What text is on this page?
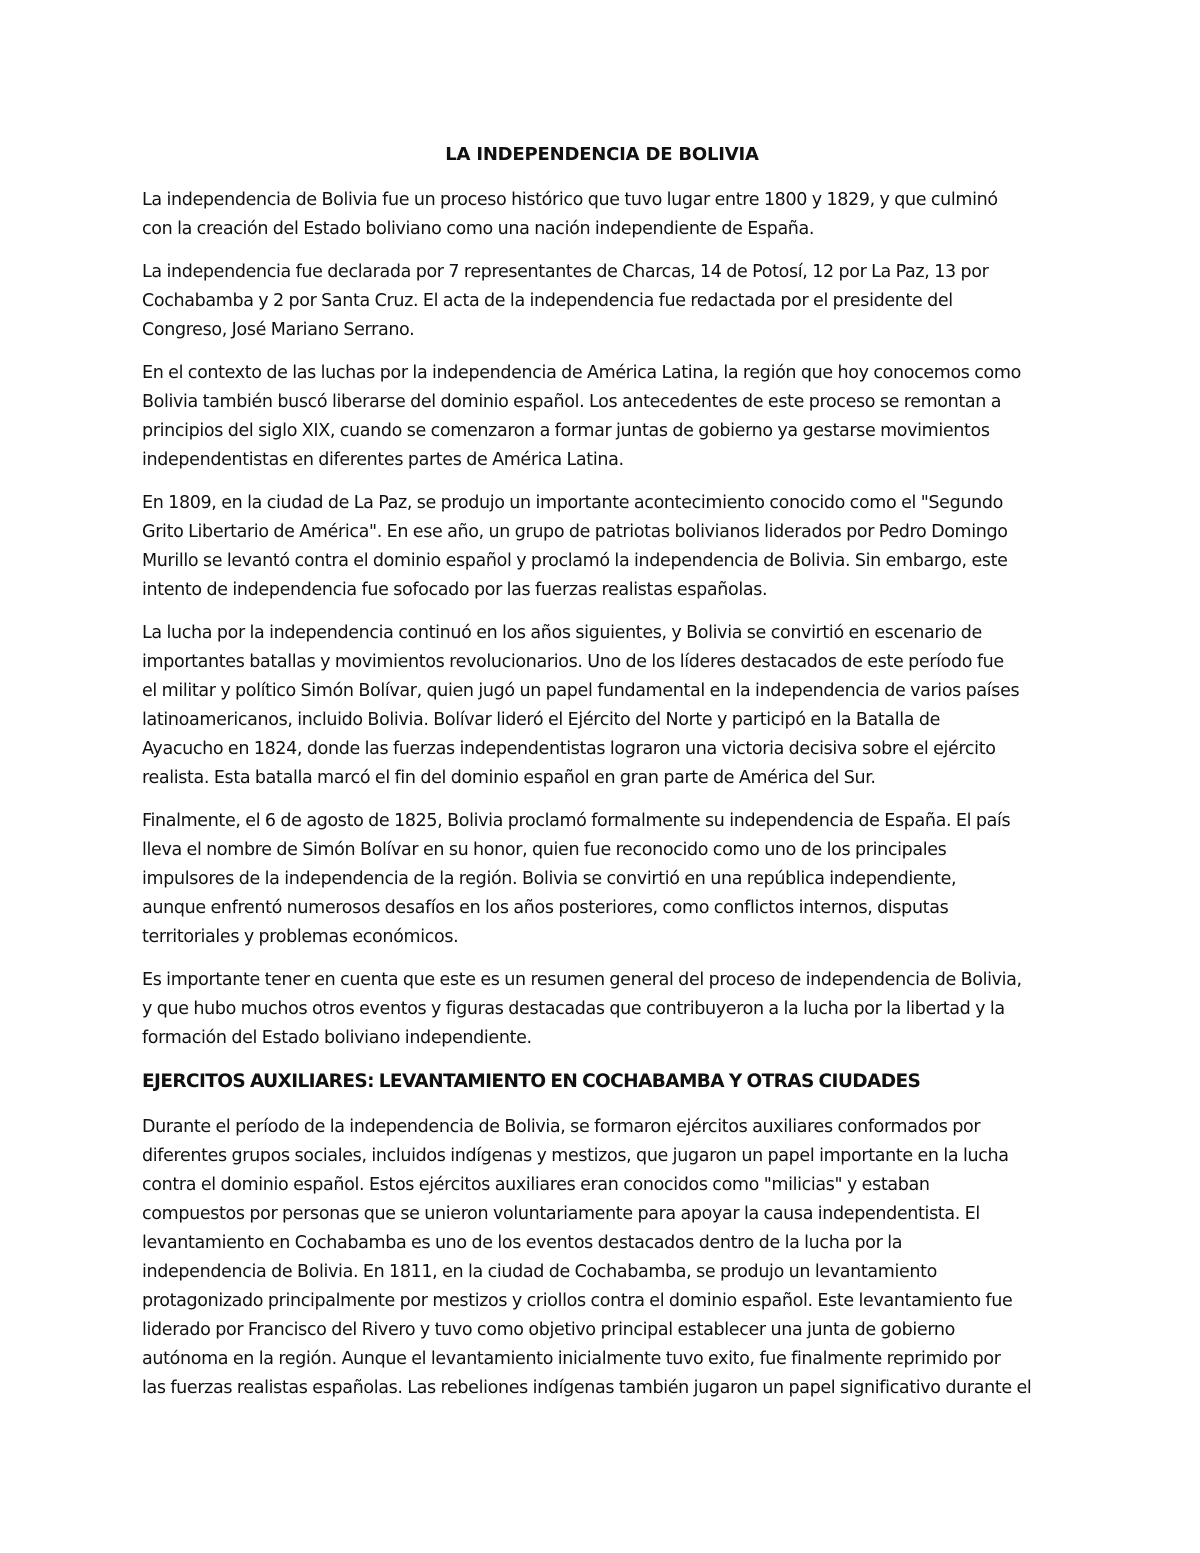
LA INDEPENDENCIA DE BOLIVIA

La independencia de Bolivia fue un proceso histórico que tuvo lugar entre 1800 y 1829, y que culminó
con la creación del Estado boliviano como una nación independiente de España.

La independencia fue declarada por 7 representantes de Charcas, 14 de Potosí, 12 por La Paz, 13 por
Cochabamba y 2 por Santa Cruz. El acta de la independencia fue redactada por el presidente del
Congreso, José Mariano Serrano.

En el contexto de las luchas por la independencia de América Latina, la región que hoy conocemos como
Bolivia también buscó liberarse del dominio español. Los antecedentes de este proceso se remontan a
principios del siglo XIX, cuando se comenzaron a formar juntas de gobierno ya gestarse movimientos
independentistas en diferentes partes de América Latina.

En 1809, en la ciudad de La Paz, se produjo un importante acontecimiento conocido como el "Segundo
Grito Libertario de América". En ese año, un grupo de patriotas bolivianos liderados por Pedro Domingo
Murillo se levantó contra el dominio español y proclamó la independencia de Bolivia. Sin embargo, este
intento de independencia fue sofocado por las fuerzas realistas españolas.

La lucha por la independencia continuó en los años siguientes, y Bolivia se convirtió en escenario de
importantes batallas y movimientos revolucionarios. Uno de los líderes destacados de este período fue
el militar y político Simón Bolívar, quien jugó un papel fundamental en la independencia de varios países
latinoamericanos, incluido Bolivia. Bolívar lideró el Ejército del Norte y participó en la Batalla de
Ayacucho en 1824, donde las fuerzas independentistas lograron una victoria decisiva sobre el ejército
realista. Esta batalla marcó el fin del dominio español en gran parte de América del Sur.

Finalmente, el 6 de agosto de 1825, Bolivia proclamó formalmente su independencia de España. El país
lleva el nombre de Simón Bolívar en su honor, quien fue reconocido como uno de los principales
impulsores de la independencia de la región. Bolivia se convirtió en una república independiente,
aunque enfrentó numerosos desafíos en los años posteriores, como conflictos internos, disputas
territoriales y problemas económicos.

Es importante tener en cuenta que este es un resumen general del proceso de independencia de Bolivia,
y que hubo muchos otros eventos y figuras destacadas que contribuyeron a la lucha por la libertad y la
formación del Estado boliviano independiente.

EJERCITOS AUXILIARES: LEVANTAMIENTO EN COCHABAMBA Y OTRAS CIUDADES

Durante el período de la independencia de Bolivia, se formaron ejércitos auxiliares conformados por
diferentes grupos sociales, incluidos indígenas y mestizos, que jugaron un papel importante en la lucha
contra el dominio español. Estos ejércitos auxiliares eran conocidos como "milicias" y estaban
compuestos por personas que se unieron voluntariamente para apoyar la causa independentista. El
levantamiento en Cochabamba es uno de los eventos destacados dentro de la lucha por la
independencia de Bolivia. En 1811, en la ciudad de Cochabamba, se produjo un levantamiento
protagonizado principalmente por mestizos y criollos contra el dominio español. Este levantamiento fue
liderado por Francisco del Rivero y tuvo como objetivo principal establecer una junta de gobierno
autónoma en la región. Aunque el levantamiento inicialmente tuvo exito, fue finalmente reprimido por
las fuerzas realistas españolas. Las rebeliones indígenas también jugaron un papel significativo durante el
